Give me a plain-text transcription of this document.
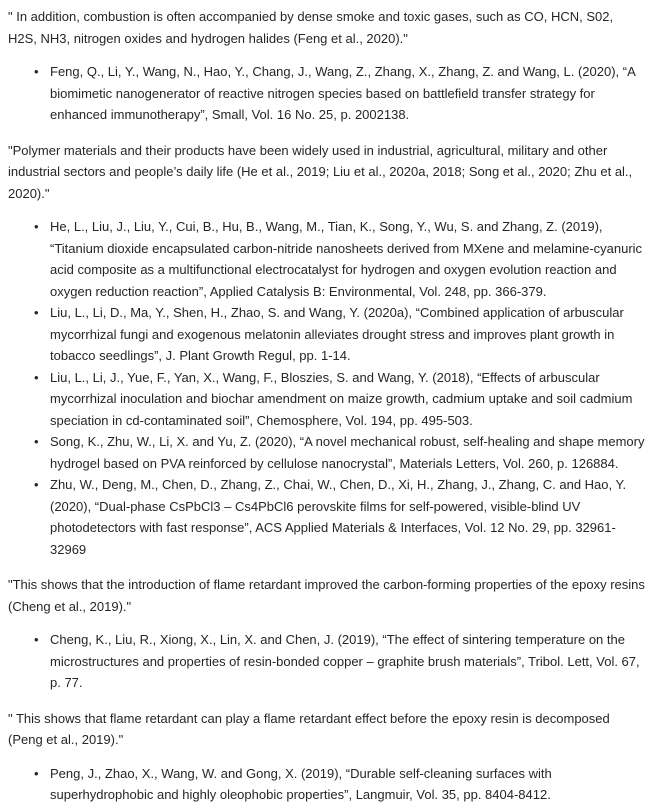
" In addition, combustion is often accompanied by dense smoke and toxic gases, such as CO, HCN, S02, H2S, NH3, nitrogen oxides and hydrogen halides (Feng et al., 2020)."

• Feng, Q., Li, Y., Wang, N., Hao, Y., Chang, J., Wang, Z., Zhang, X., Zhang, Z. and Wang, L. (2020), “A biomimetic nanogenerator of reactive nitrogen species based on battlefield transfer strategy for enhanced immunotherapy”, Small, Vol. 16 No. 25, p. 2002138.

"Polymer materials and their products have been widely used in industrial, agricultural, military and other industrial sectors and people’s daily life (He et al., 2019; Liu et al., 2020a, 2018; Song et al., 2020; Zhu et al., 2020)."

• He, L., Liu, J., Liu, Y., Cui, B., Hu, B., Wang, M., Tian, K., Song, Y., Wu, S. and Zhang, Z. (2019), “Titanium dioxide encapsulated carbon-nitride nanosheets derived from MXene and melamine-cyanuric acid composite as a multifunctional electrocatalyst for hydrogen and oxygen evolution reaction and oxygen reduction reaction”, Applied Catalysis B: Environmental, Vol. 248, pp. 366-379.
• Liu, L., Li, D., Ma, Y., Shen, H., Zhao, S. and Wang, Y. (2020a), “Combined application of arbuscular mycorrhizal fungi and exogenous melatonin alleviates drought stress and improves plant growth in tobacco seedlings”, J. Plant Growth Regul, pp. 1-14.
• Liu, L., Li, J., Yue, F., Yan, X., Wang, F., Bloszies, S. and Wang, Y. (2018), “Effects of arbuscular mycorrhizal inoculation and biochar amendment on maize growth, cadmium uptake and soil cadmium speciation in cd-contaminated soil”, Chemosphere, Vol. 194, pp. 495-503.
• Song, K., Zhu, W., Li, X. and Yu, Z. (2020), “A novel mechanical robust, self-healing and shape memory hydrogel based on PVA reinforced by cellulose nanocrystal”, Materials Letters, Vol. 260, p. 126884.
• Zhu, W., Deng, M., Chen, D., Zhang, Z., Chai, W., Chen, D., Xi, H., Zhang, J., Zhang, C. and Hao, Y. (2020), “Dual-phase CsPbCl3 – Cs4PbCl6 perovskite films for self-powered, visible-blind UV photodetectors with fast response”, ACS Applied Materials & Interfaces, Vol. 12 No. 29, pp. 32961-32969

"This shows that the introduction of flame retardant improved the carbon-forming properties of the epoxy resins (Cheng et al., 2019)."

• Cheng, K., Liu, R., Xiong, X., Lin, X. and Chen, J. (2019), “The effect of sintering temperature on the microstructures and properties of resin-bonded copper – graphite brush materials”, Tribol. Lett, Vol. 67, p. 77.

" This shows that flame retardant can play a flame retardant effect before the epoxy resin is decomposed (Peng et al., 2019)."

• Peng, J., Zhao, X., Wang, W. and Gong, X. (2019), “Durable self-cleaning surfaces with superhydrophobic and highly oleophobic properties”, Langmuir, Vol. 35, pp. 8404-8412.
